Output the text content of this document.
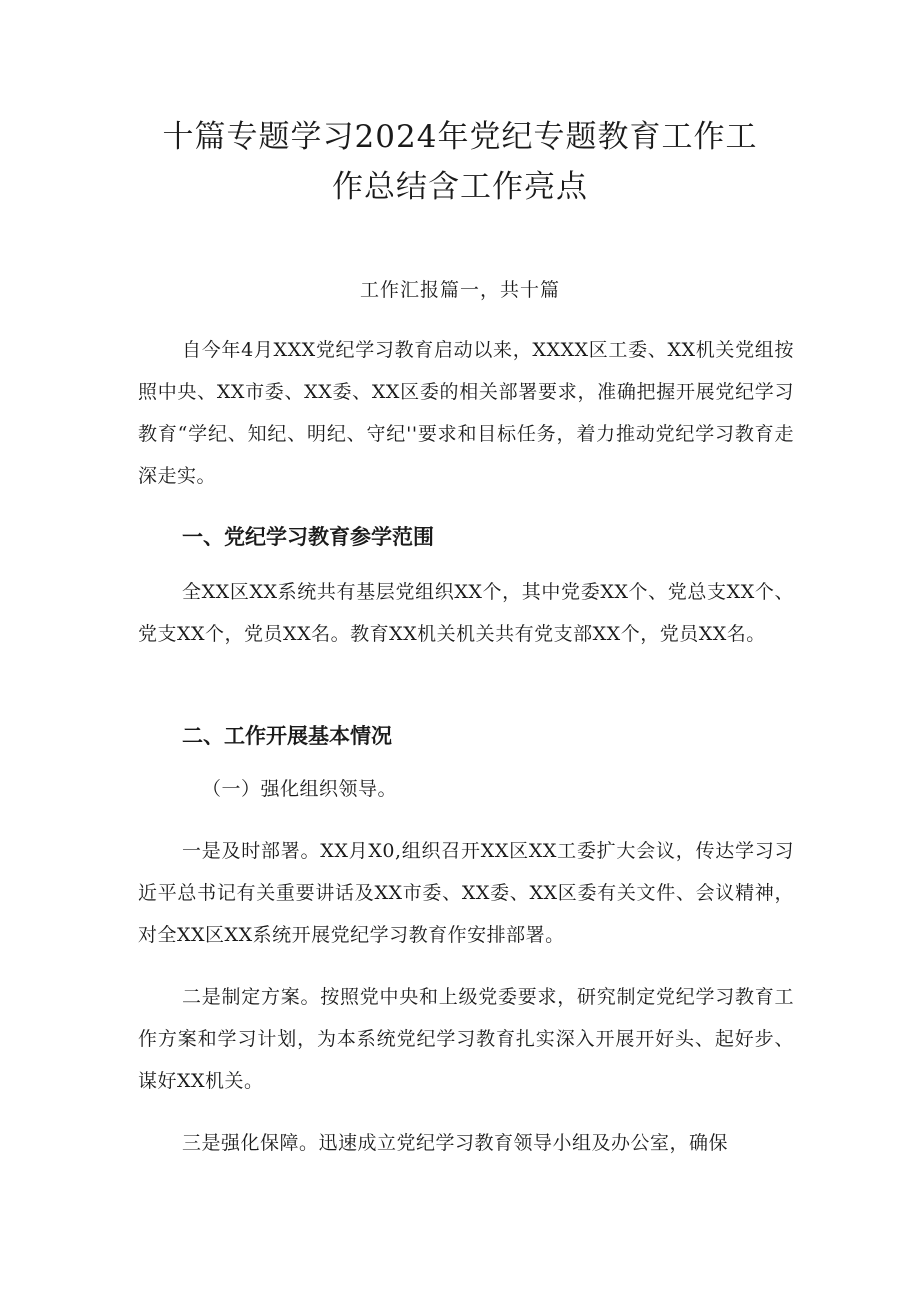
十篇专题学习2024年党纪专题教育工作工作总结含工作亮点
工作汇报篇一，共十篇

自今年4月XXX党纪学习教育启动以来，XXXX区工委、XX机关党组按照中央、XX市委、XX委、XX区委的相关部署要求，准确把握开展党纪学习教育“学纪、知纪、明纪、守纪''要求和目标任务，着力推动党纪学习教育走深走实。

一、党纪学习教育参学范围

全XX区XX系统共有基层党组织XX个，其中党委XX个、党总支XX个、党支XX个，党员XX名。教育XX机关机关共有党支部XX个，党员XX名。

二、工作开展基本情况
（一）强化组织领导。

一是及时部署。XX月X0,组织召开XX区XX工委扩大会议，传达学习习近平总书记有关重要讲话及XX市委、XX委、XX区委有关文件、会议精神，对全XX区XX系统开展党纪学习教育作安排部署。

二是制定方案。按照党中央和上级党委要求，研究制定党纪学习教育工作方案和学习计划，为本系统党纪学习教育扎实深入开展开好头、起好步、谋好XX机关。

三是强化保障。迅速成立党纪学习教育领导小组及办公室，确保
